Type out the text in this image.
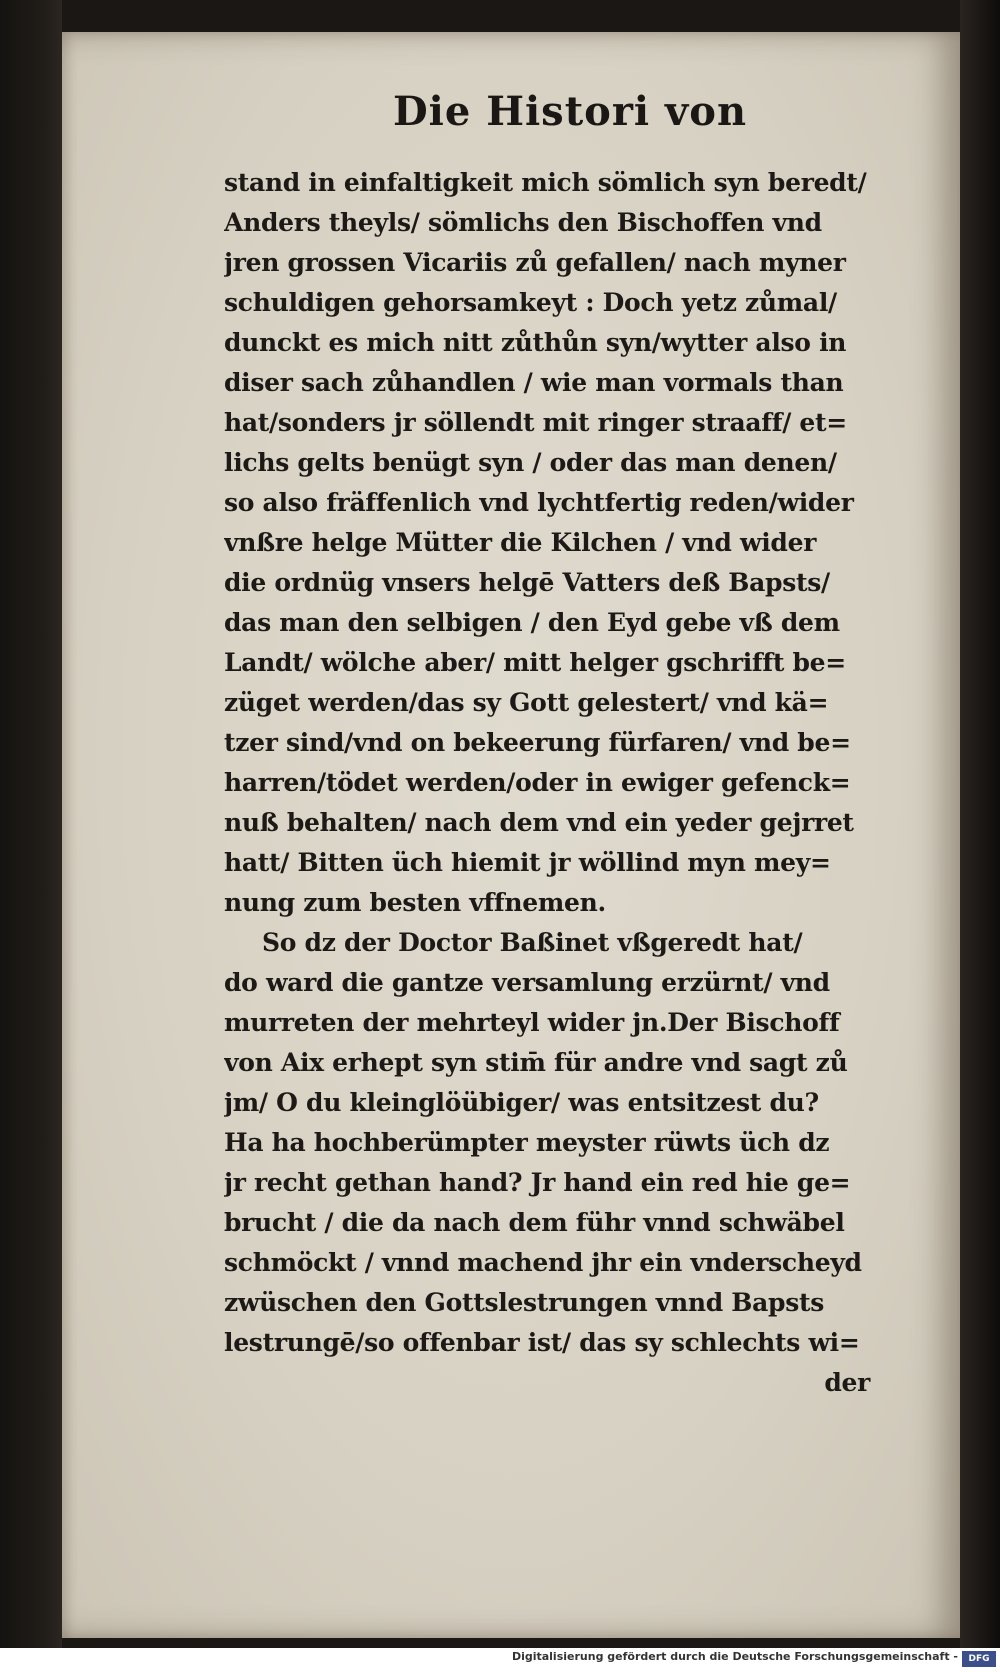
Die Histori von
stand in einfaltigkeit mich sömlich syn beredt/
Anders theyls/ sömlichs den Bischoffen vnd
jren grossen Vicariis zů gefallen/ nach myner
schuldigen gehorsamkeyt : Doch yetz zůmal/
dunckt es mich nitt zůthůn syn/wytter also in
diser sach zůhandlen / wie man vormals than
hat/sonders jr söllendt mit ringer straaff/ et=
lichs gelts benügt syn / oder das man denen/
so also fräffenlich vnd lychtfertig reden/wider
vnßre helge Mütter die Kilchen / vnd wider
die ordnüg vnsers helgē Vatters deß Bapsts/
das man den selbigen / den Eyd gebe vß dem
Landt/ wölche aber/ mitt helger gschrifft be=
züget werden/das sy Gott gelestert/ vnd kä=
tzer sind/vnd on bekeerung fürfaren/ vnd be=
harren/tödet werden/oder in ewiger gefenck=
nuß behalten/ nach dem vnd ein yeder gejrret
hatt/ Bitten üch hiemit jr wöllind myn mey=
nung zum besten vffnemen.
So dz der Doctor Baßinet vßgeredt hat/
do ward die gantze versamlung erzürnt/ vnd
murreten der mehrteyl wider jn.Der Bischoff
von Aix erhept syn stim̄ für andre vnd sagt zů
jm/ O du kleinglöübiger/ was entsitzest du?
Ha ha hochberümpter meyster rüwts üch dz
jr recht gethan hand? Jr hand ein red hie ge=
brucht / die da nach dem führ vnnd schwäbel
schmöckt / vnnd machend jhr ein vnderscheyd
zwüschen den Gottslestrungen vnnd Bapsts
lestrungē/so offenbar ist/ das sy schlechts wi=
der
Digitalisierung gefördert durch die Deutsche Forschungsgemeinschaft -	DFG
